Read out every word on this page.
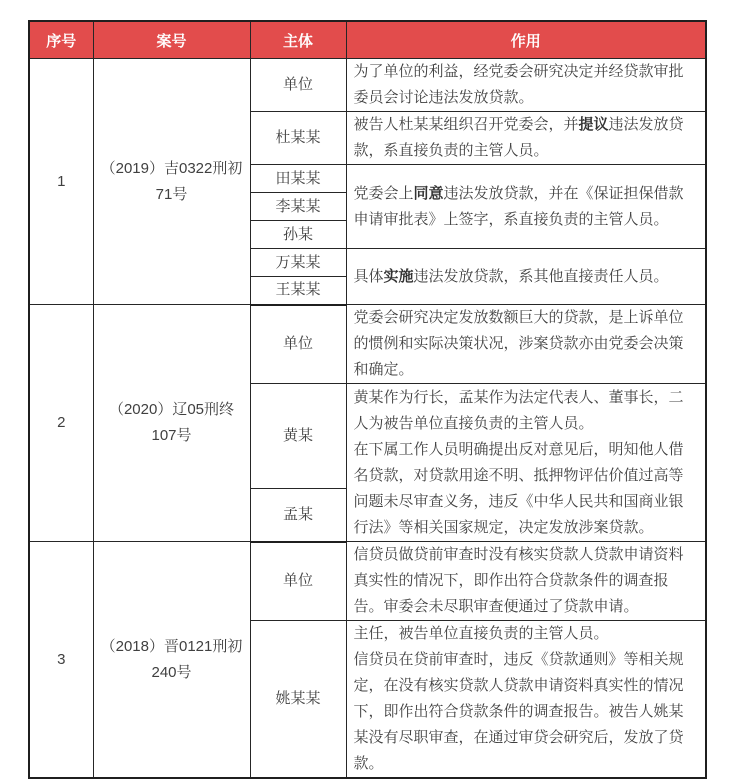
序号	案号	主体	作用
1	（2019）吉0322刑初71号	单位	为了单位的利益，经党委会研究决定并经贷款审批委员会讨论违法发放贷款。
		杜某某	被告人杜某某组织召开党委会，并提议违法发放贷款，系直接负责的主管人员。
		田某某	党委会上同意违法发放贷款，并在《保证担保借款申请审批表》上签字，系直接负责的主管人员。
		李某某	
		孙某	
		万某某	具体实施违法发放贷款，系其他直接责任人员。
		王某某	
2	（2020）辽05刑终107号	单位	党委会研究决定发放数额巨大的贷款，是上诉单位的惯例和实际决策状况，涉案贷款亦由党委会决策和确定。
		黄某	黄某作为行长，孟某作为法定代表人、董事长，二人为被告单位直接负责的主管人员。

在下属工作人员明确提出反对意见后，明知他人借名贷款，对贷款用途不明、抵押物评估价值过高等问题未尽审查义务，违反《中华人民共和国商业银行法》等相关国家规定，决定发放涉案贷款。

		孟某	
3	（2018）晋0121刑初240号	单位	信贷员做贷前审查时没有核实贷款人贷款申请资料真实性的情况下，即作出符合贷款条件的调查报告。审委会未尽职审查便通过了贷款申请。
		姚某某	主任，被告单位直接负责的主管人员。

信贷员在贷前审查时，违反《贷款通则》等相关规定，在没有核实贷款人贷款申请资料真实性的情况下，即作出符合贷款条件的调查报告。被告人姚某某没有尽职审查，在通过审贷会研究后，发放了贷款。
